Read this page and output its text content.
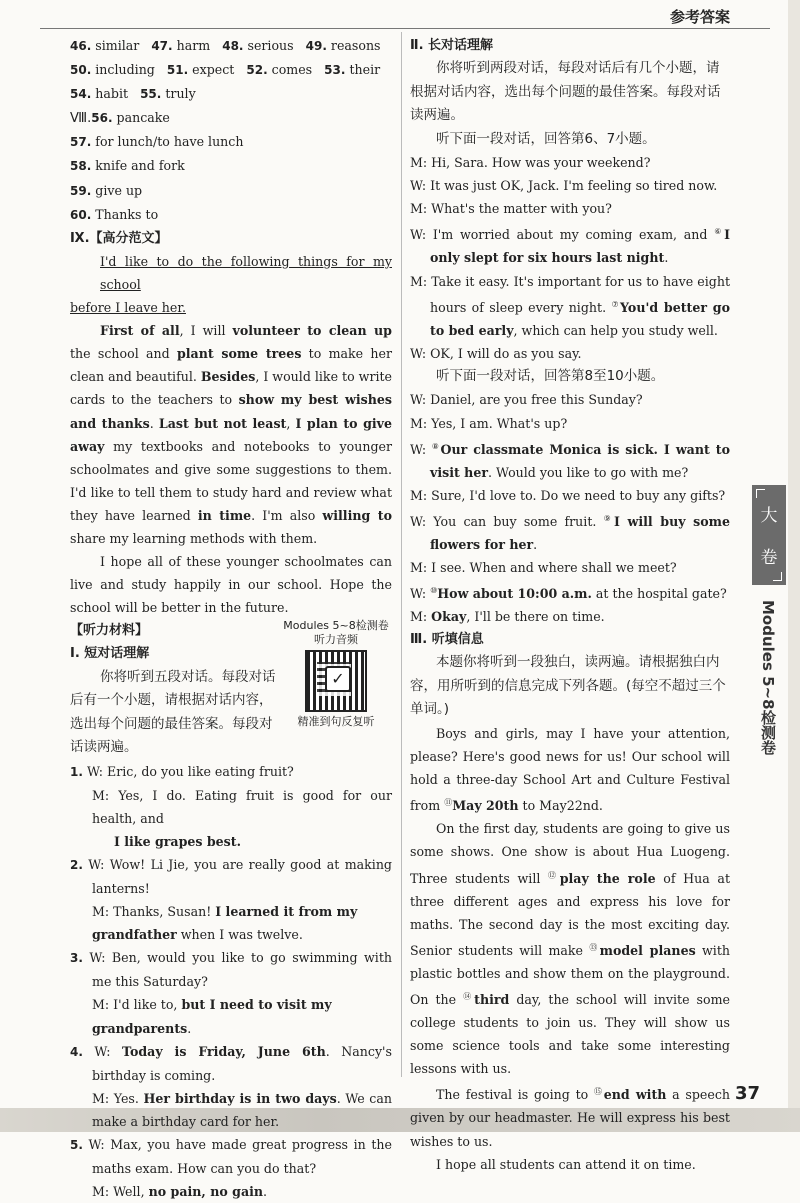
参考答案
46. similar 47. harm 48. serious 49. reasons
50. including 51. expect 52. comes 53. their
54. habit 55. truly
Ⅷ.56. pancake
57. for lunch/to have lunch
58. knife and fork
59. give up
60. Thanks to
Ⅸ.【高分范文】
I'd like to do the following things for my school
before I leave her.
First of all, I will volunteer to clean up the school and plant some trees to make her clean and beautiful. Besides, I would like to write cards to the teachers to show my best wishes and thanks. Last but not least, I plan to give away my textbooks and notebooks to younger schoolmates and give some suggestions to them. I'd like to tell them to study hard and review what they have learned in time. I'm also willing to share my learning methods with them.
I hope all of these younger schoolmates can live and study happily in our school. Hope the school will be better in the future.
【听力材料】	Modules 5~8检测卷
听力音频
✓
精准到句反复听
Ⅰ. 短对话理解
你将听到五段对话。每段对话后有一个小题，请根据对话内容，选出每个问题的最佳答案。每段对话读两遍。
1. W: Eric, do you like eating fruit?
M: Yes, I do. Eating fruit is good for our health, and
I like grapes best.
2. W: Wow! Li Jie, you are really good at making lanterns!
M: Thanks, Susan! I learned it from my grandfather when I was twelve.
3. W: Ben, would you like to go swimming with me this Saturday?
M: I'd like to, but I need to visit my grandparents.
4. W: Today is Friday, June 6th. Nancy's birthday is coming.
M: Yes. Her birthday is in two days. We can make a birthday card for her.
5. W: Max, you have made great progress in the maths exam. How can you do that?
M: Well, no pain, no gain.
Ⅱ. 长对话理解
你将听到两段对话，每段对话后有几个小题，请根据对话内容，选出每个问题的最佳答案。每段对话读两遍。
听下面一段对话，回答第6、7小题。
M: Hi, Sara. How was your weekend?
W: It was just OK, Jack. I'm feeling so tired now.
M: What's the matter with you?
W: I'm worried about my coming exam, and ⑥I only slept for six hours last night.
M: Take it easy. It's important for us to have eight hours of sleep every night. ⑦You'd better go to bed early, which can help you study well.
W: OK, I will do as you say.
听下面一段对话，回答第8至10小题。
W: Daniel, are you free this Sunday?
M: Yes, I am. What's up?
W: ⑧Our classmate Monica is sick. I want to visit her. Would you like to go with me?
M: Sure, I'd love to. Do we need to buy any gifts?
W: You can buy some fruit. ⑨I will buy some flowers for her.
M: I see. When and where shall we meet?
W: ⑩How about 10:00 a.m. at the hospital gate?
M: Okay, I'll be there on time.
Ⅲ. 听填信息
本题你将听到一段独白，读两遍。请根据独白内容，用所听到的信息完成下列各题。(每空不超过三个单词。)
Boys and girls, may I have your attention, please? Here's good news for us! Our school will hold a three-day School Art and Culture Festival from ⑪May 20th to May22nd.
On the first day, students are going to give us some shows. One show is about Hua Luogeng. Three students will ⑫play the role of Hua at three different ages and express his love for maths. The second day is the most exciting day. Senior students will make ⑬model planes with plastic bottles and show them on the playground. On the ⑭third day, the school will invite some college students to join us. They will show us some science tools and take some interesting lessons with us.
The festival is going to ⑮end with a speech given by our headmaster. He will express his best wishes to us.
I hope all students can attend it on time.
大
卷
Modules 5~8检测卷
37
